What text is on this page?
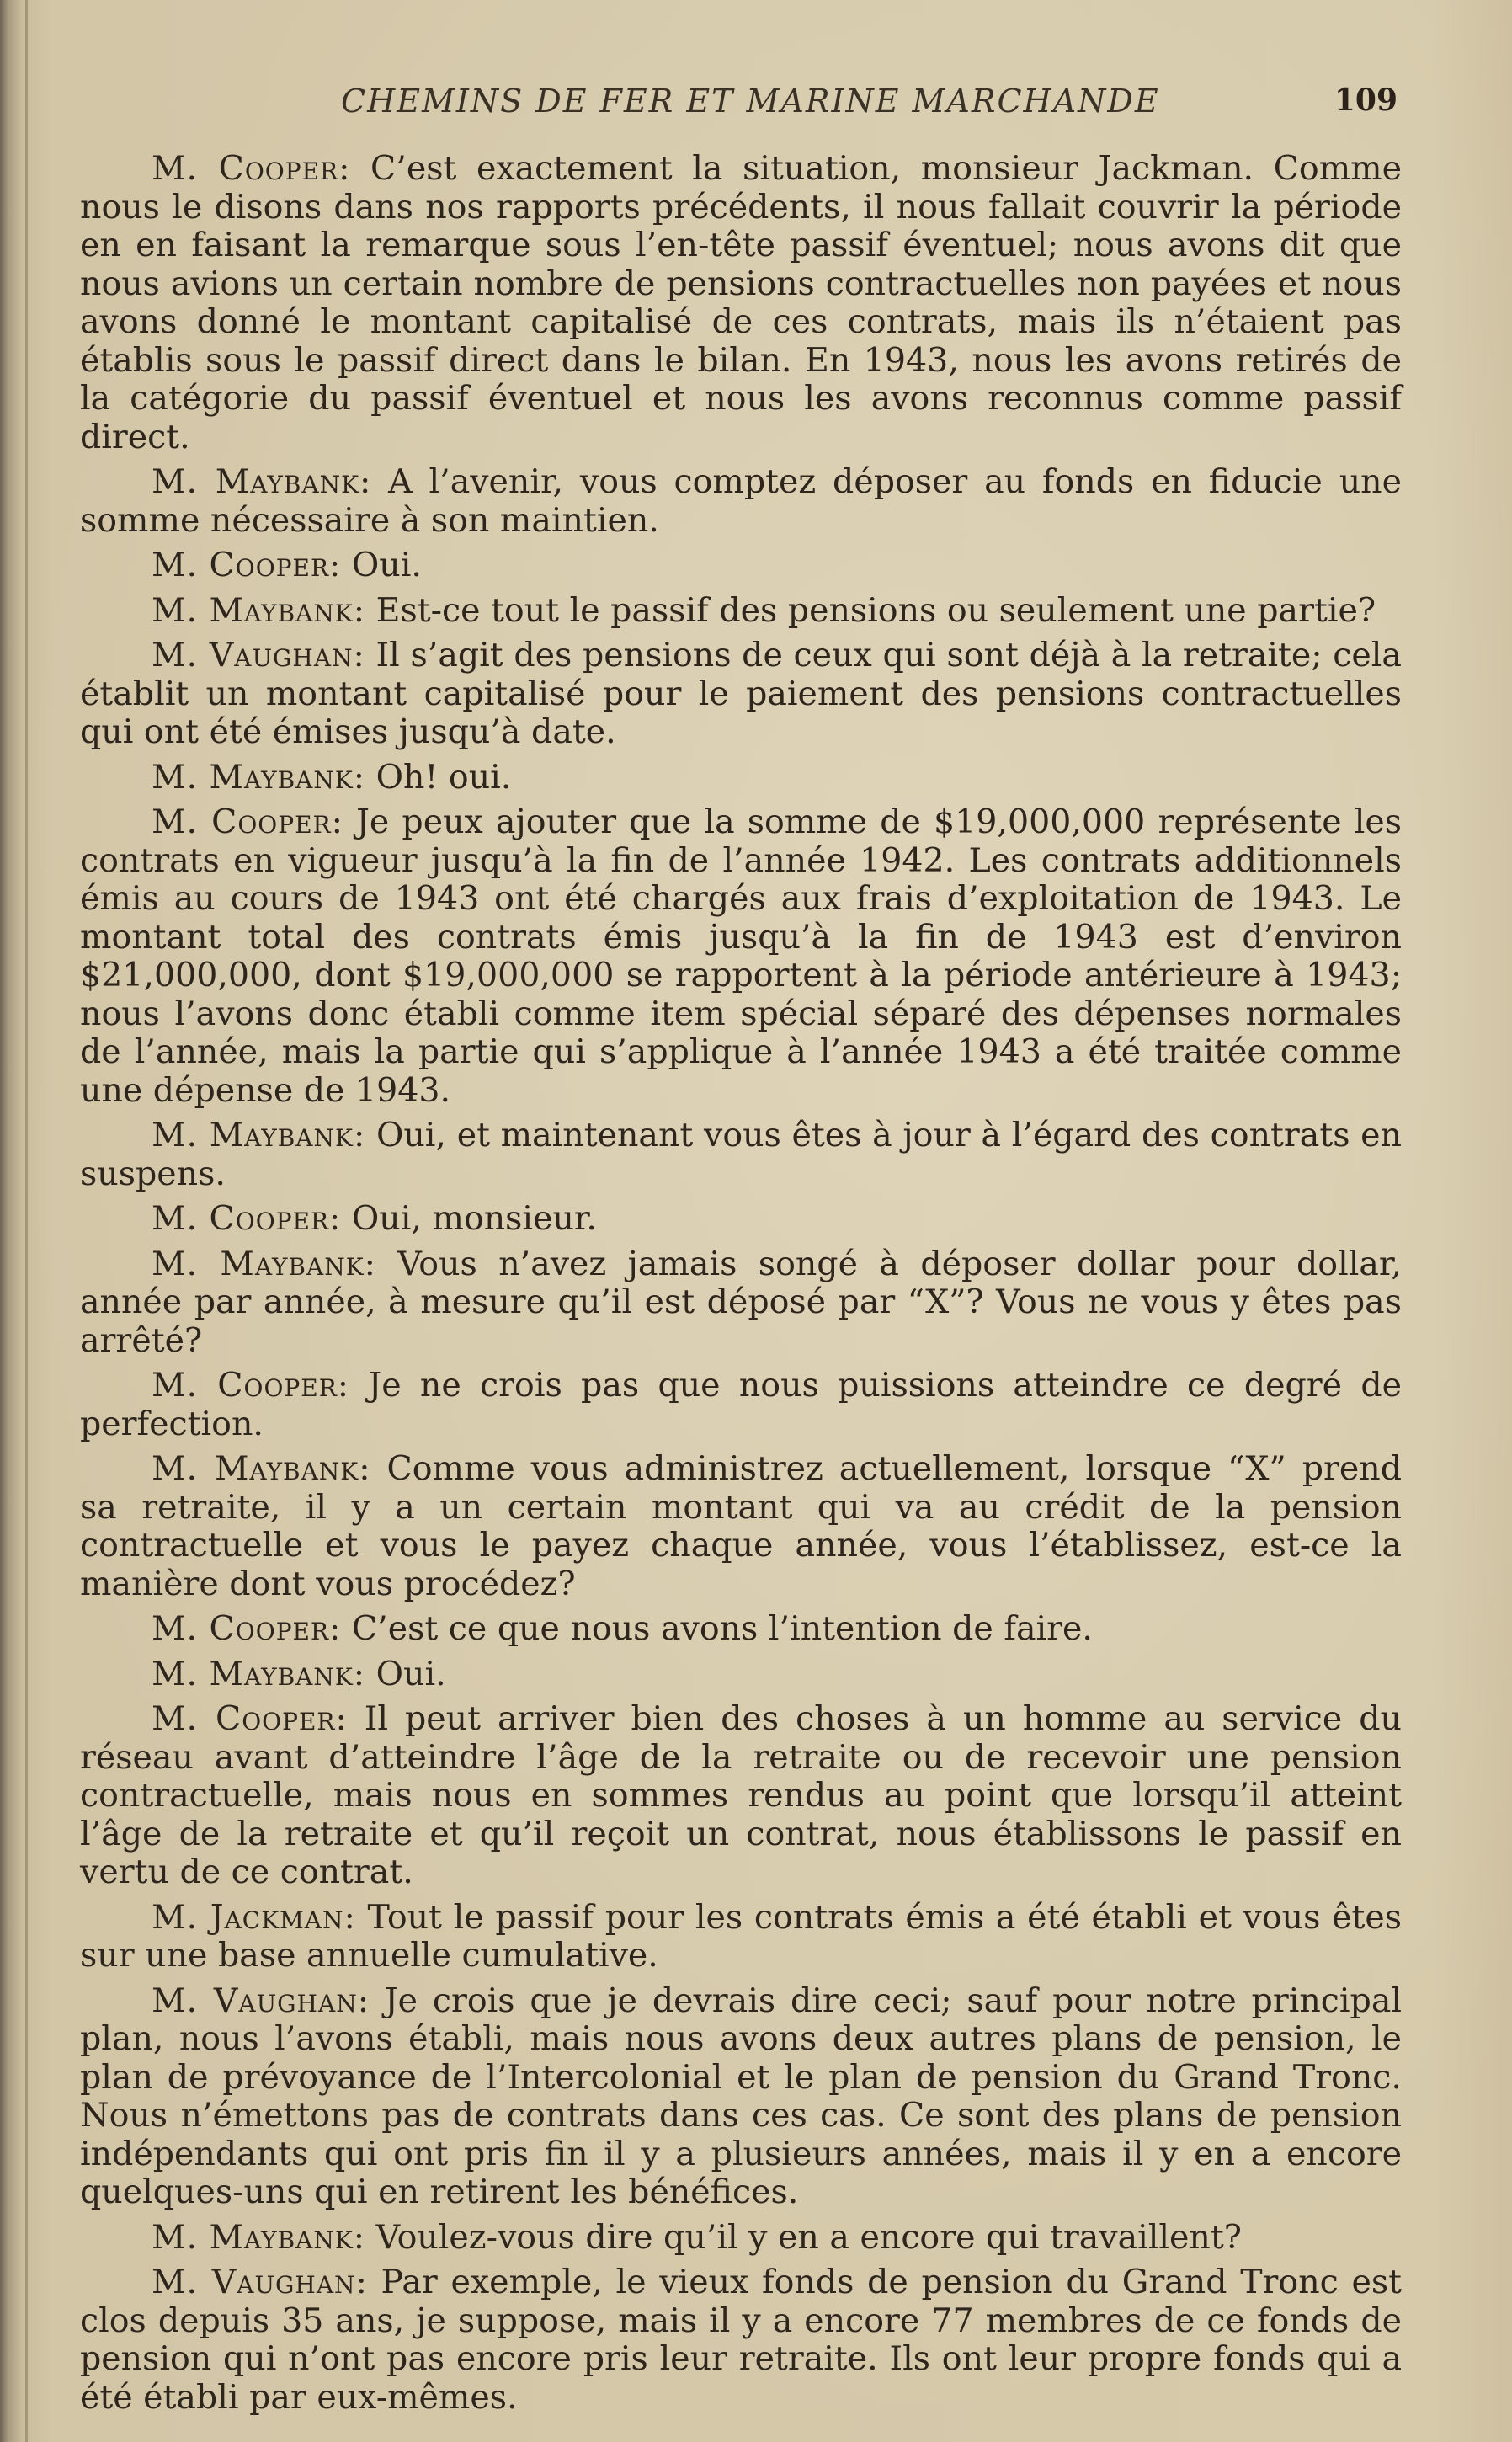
CHEMINS DE FER ET MARINE MARCHANDE	109

M. Cooper: C’est exactement la situation, monsieur Jackman. Comme nous le disons dans nos rapports précédents, il nous fallait couvrir la période en en faisant la remarque sous l’en-tête passif éventuel; nous avons dit que nous avions un certain nombre de pensions contractuelles non payées et nous avons donné le montant capitalisé de ces contrats, mais ils n’étaient pas établis sous le passif direct dans le bilan. En 1943, nous les avons retirés de la catégorie du passif éventuel et nous les avons reconnus comme passif direct.

M. Maybank: A l’avenir, vous comptez déposer au fonds en fiducie une somme nécessaire à son maintien.

M. Cooper: Oui.

M. Maybank: Est-ce tout le passif des pensions ou seulement une partie?

M. Vaughan: Il s’agit des pensions de ceux qui sont déjà à la retraite; cela établit un montant capitalisé pour le paiement des pensions contractuelles qui ont été émises jusqu’à date.

M. Maybank: Oh! oui.

M. Cooper: Je peux ajouter que la somme de $19,000,000 représente les contrats en vigueur jusqu’à la fin de l’année 1942. Les contrats additionnels émis au cours de 1943 ont été chargés aux frais d’exploitation de 1943. Le montant total des contrats émis jusqu’à la fin de 1943 est d’environ $21,000,000, dont $19,000,000 se rapportent à la période antérieure à 1943; nous l’avons donc établi comme item spécial séparé des dépenses normales de l’année, mais la partie qui s’applique à l’année 1943 a été traitée comme une dépense de 1943.

M. Maybank: Oui, et maintenant vous êtes à jour à l’égard des contrats en suspens.

M. Cooper: Oui, monsieur.

M. Maybank: Vous n’avez jamais songé à déposer dollar pour dollar, année par année, à mesure qu’il est déposé par “X”? Vous ne vous y êtes pas arrêté?

M. Cooper: Je ne crois pas que nous puissions atteindre ce degré de perfection.

M. Maybank: Comme vous administrez actuellement, lorsque “X” prend sa retraite, il y a un certain montant qui va au crédit de la pension contractuelle et vous le payez chaque année, vous l’établissez, est-ce la manière dont vous procédez?

M. Cooper: C’est ce que nous avons l’intention de faire.

M. Maybank: Oui.

M. Cooper: Il peut arriver bien des choses à un homme au service du réseau avant d’atteindre l’âge de la retraite ou de recevoir une pension contractuelle, mais nous en sommes rendus au point que lorsqu’il atteint l’âge de la retraite et qu’il reçoit un contrat, nous établissons le passif en vertu de ce contrat.

M. Jackman: Tout le passif pour les contrats émis a été établi et vous êtes sur une base annuelle cumulative.

M. Vaughan: Je crois que je devrais dire ceci; sauf pour notre principal plan, nous l’avons établi, mais nous avons deux autres plans de pension, le plan de prévoyance de l’Intercolonial et le plan de pension du Grand Tronc. Nous n’émettons pas de contrats dans ces cas. Ce sont des plans de pension indépendants qui ont pris fin il y a plusieurs années, mais il y en a encore quelques-uns qui en retirent les bénéfices.

M. Maybank: Voulez-vous dire qu’il y en a encore qui travaillent?

M. Vaughan: Par exemple, le vieux fonds de pension du Grand Tronc est clos depuis 35 ans, je suppose, mais il y a encore 77 membres de ce fonds de pension qui n’ont pas encore pris leur retraite. Ils ont leur propre fonds qui a été établi par eux-mêmes.
